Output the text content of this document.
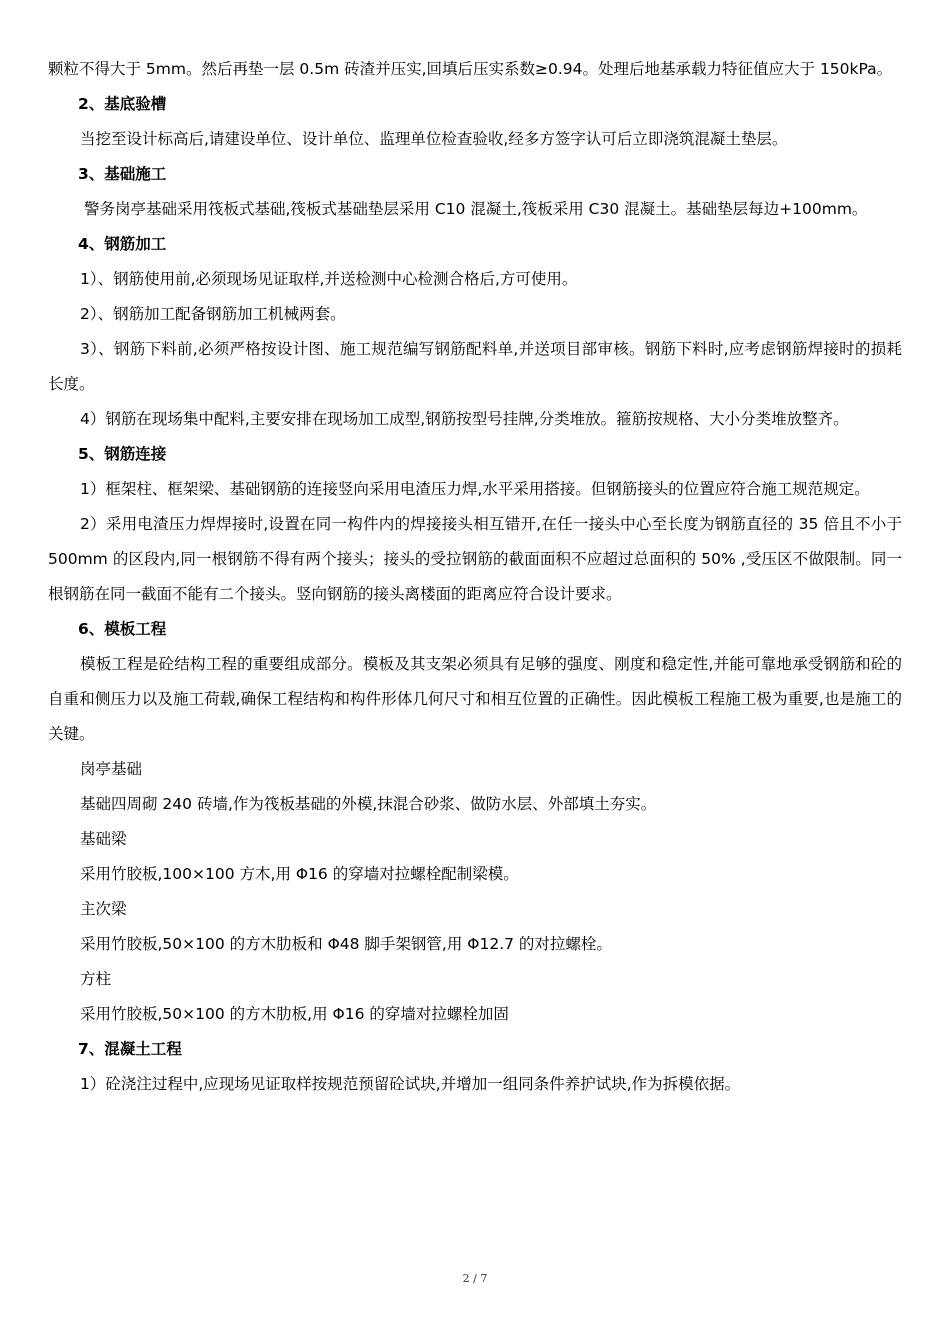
颗粒不得大于 5mm。然后再垫一层 0.5m 砖渣并压实,回填后压实系数≥0.94。处理后地基承载力特征值应大于 150kPa。

2、基底验槽

当挖至设计标高后,请建设单位、设计单位、监理单位检查验收,经多方签字认可后立即浇筑混凝土垫层。

3、基础施工

警务岗亭基础采用筏板式基础,筏板式基础垫层采用 C10 混凝土,筏板采用 C30 混凝土。基础垫层每边+100mm。

4、钢筋加工

1）、钢筋使用前,必须现场见证取样,并送检测中心检测合格后,方可使用。

2）、钢筋加工配备钢筋加工机械两套。

3）、钢筋下料前,必须严格按设计图、施工规范编写钢筋配料单,并送项目部审核。钢筋下料时,应考虑钢筋焊接时的损耗长度。

4）钢筋在现场集中配料,主要安排在现场加工成型,钢筋按型号挂牌,分类堆放。箍筋按规格、大小分类堆放整齐。

5、钢筋连接

1）框架柱、框架梁、基础钢筋的连接竖向采用电渣压力焊,水平采用搭接。但钢筋接头的位置应符合施工规范规定。

2）采用电渣压力焊焊接时,设置在同一构件内的焊接接头相互错开,在任一接头中心至长度为钢筋直径的 35 倍且不小于 500mm 的区段内,同一根钢筋不得有两个接头；接头的受拉钢筋的截面面积不应超过总面积的 50% ,受压区不做限制。同一根钢筋在同一截面不能有二个接头。竖向钢筋的接头离楼面的距离应符合设计要求。

6、模板工程

模板工程是砼结构工程的重要组成部分。模板及其支架必须具有足够的强度、刚度和稳定性,并能可靠地承受钢筋和砼的自重和侧压力以及施工荷载,确保工程结构和构件形体几何尺寸和相互位置的正确性。因此模板工程施工极为重要,也是施工的关键。

岗亭基础

基础四周砌 240 砖墙,作为筏板基础的外模,抹混合砂浆、做防水层、外部填土夯实。

基础梁

采用竹胶板,100×100 方木,用 Φ16 的穿墙对拉螺栓配制梁模。

主次梁

采用竹胶板,50×100 的方木肋板和 Φ48 脚手架钢管,用 Φ12.7 的对拉螺栓。

方柱

采用竹胶板,50×100 的方木肋板,用 Φ16 的穿墙对拉螺栓加固

7、混凝土工程

1）砼浇注过程中,应现场见证取样按规范预留砼试块,并增加一组同条件养护试块,作为拆模依据。

2 / 7
